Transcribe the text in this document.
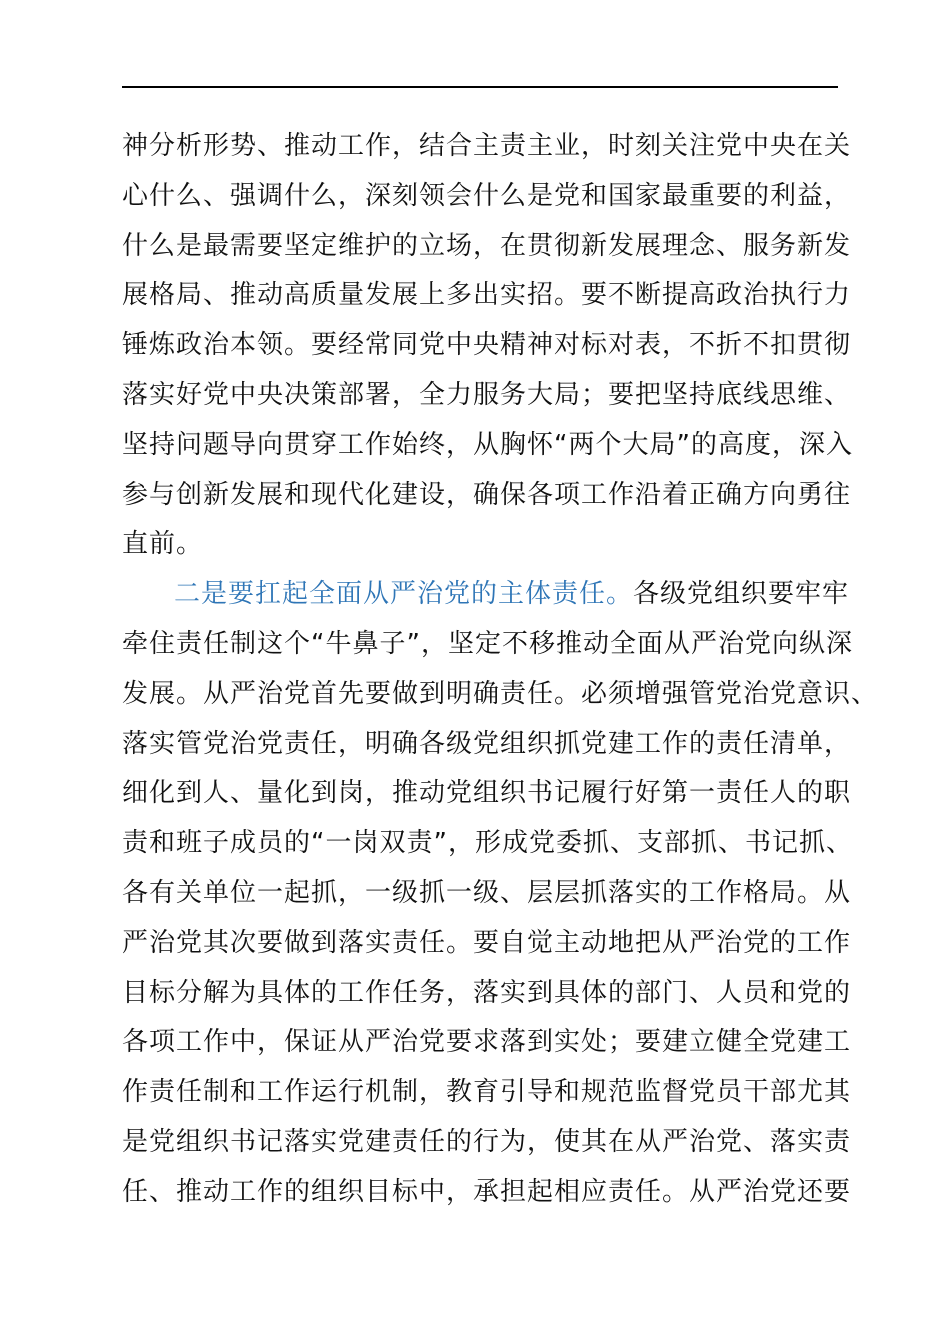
神分析形势、推动工作，结合主责主业，时刻关注党中央在关
心什么、强调什么，深刻领会什么是党和国家最重要的利益，
什么是最需要坚定维护的立场，在贯彻新发展理念、服务新发
展格局、推动高质量发展上多出实招。要不断提高政治执行力
锤炼政治本领。要经常同党中央精神对标对表，不折不扣贯彻
落实好党中央决策部署，全力服务大局；要把坚持底线思维、
坚持问题导向贯穿工作始终，从胸怀“两个大局”的高度，深入
参与创新发展和现代化建设，确保各项工作沿着正确方向勇往
直前。
二是要扛起全面从严治党的主体责任。各级党组织要牢牢
牵住责任制这个“牛鼻子”，坚定不移推动全面从严治党向纵深
发展。从严治党首先要做到明确责任。必须增强管党治党意识、
落实管党治党责任，明确各级党组织抓党建工作的责任清单，
细化到人、量化到岗，推动党组织书记履行好第一责任人的职
责和班子成员的“一岗双责”，形成党委抓、支部抓、书记抓、
各有关单位一起抓，一级抓一级、层层抓落实的工作格局。从
严治党其次要做到落实责任。要自觉主动地把从严治党的工作
目标分解为具体的工作任务，落实到具体的部门、人员和党的
各项工作中，保证从严治党要求落到实处；要建立健全党建工
作责任制和工作运行机制，教育引导和规范监督党员干部尤其
是党组织书记落实党建责任的行为，使其在从严治党、落实责
任、推动工作的组织目标中，承担起相应责任。从严治党还要
